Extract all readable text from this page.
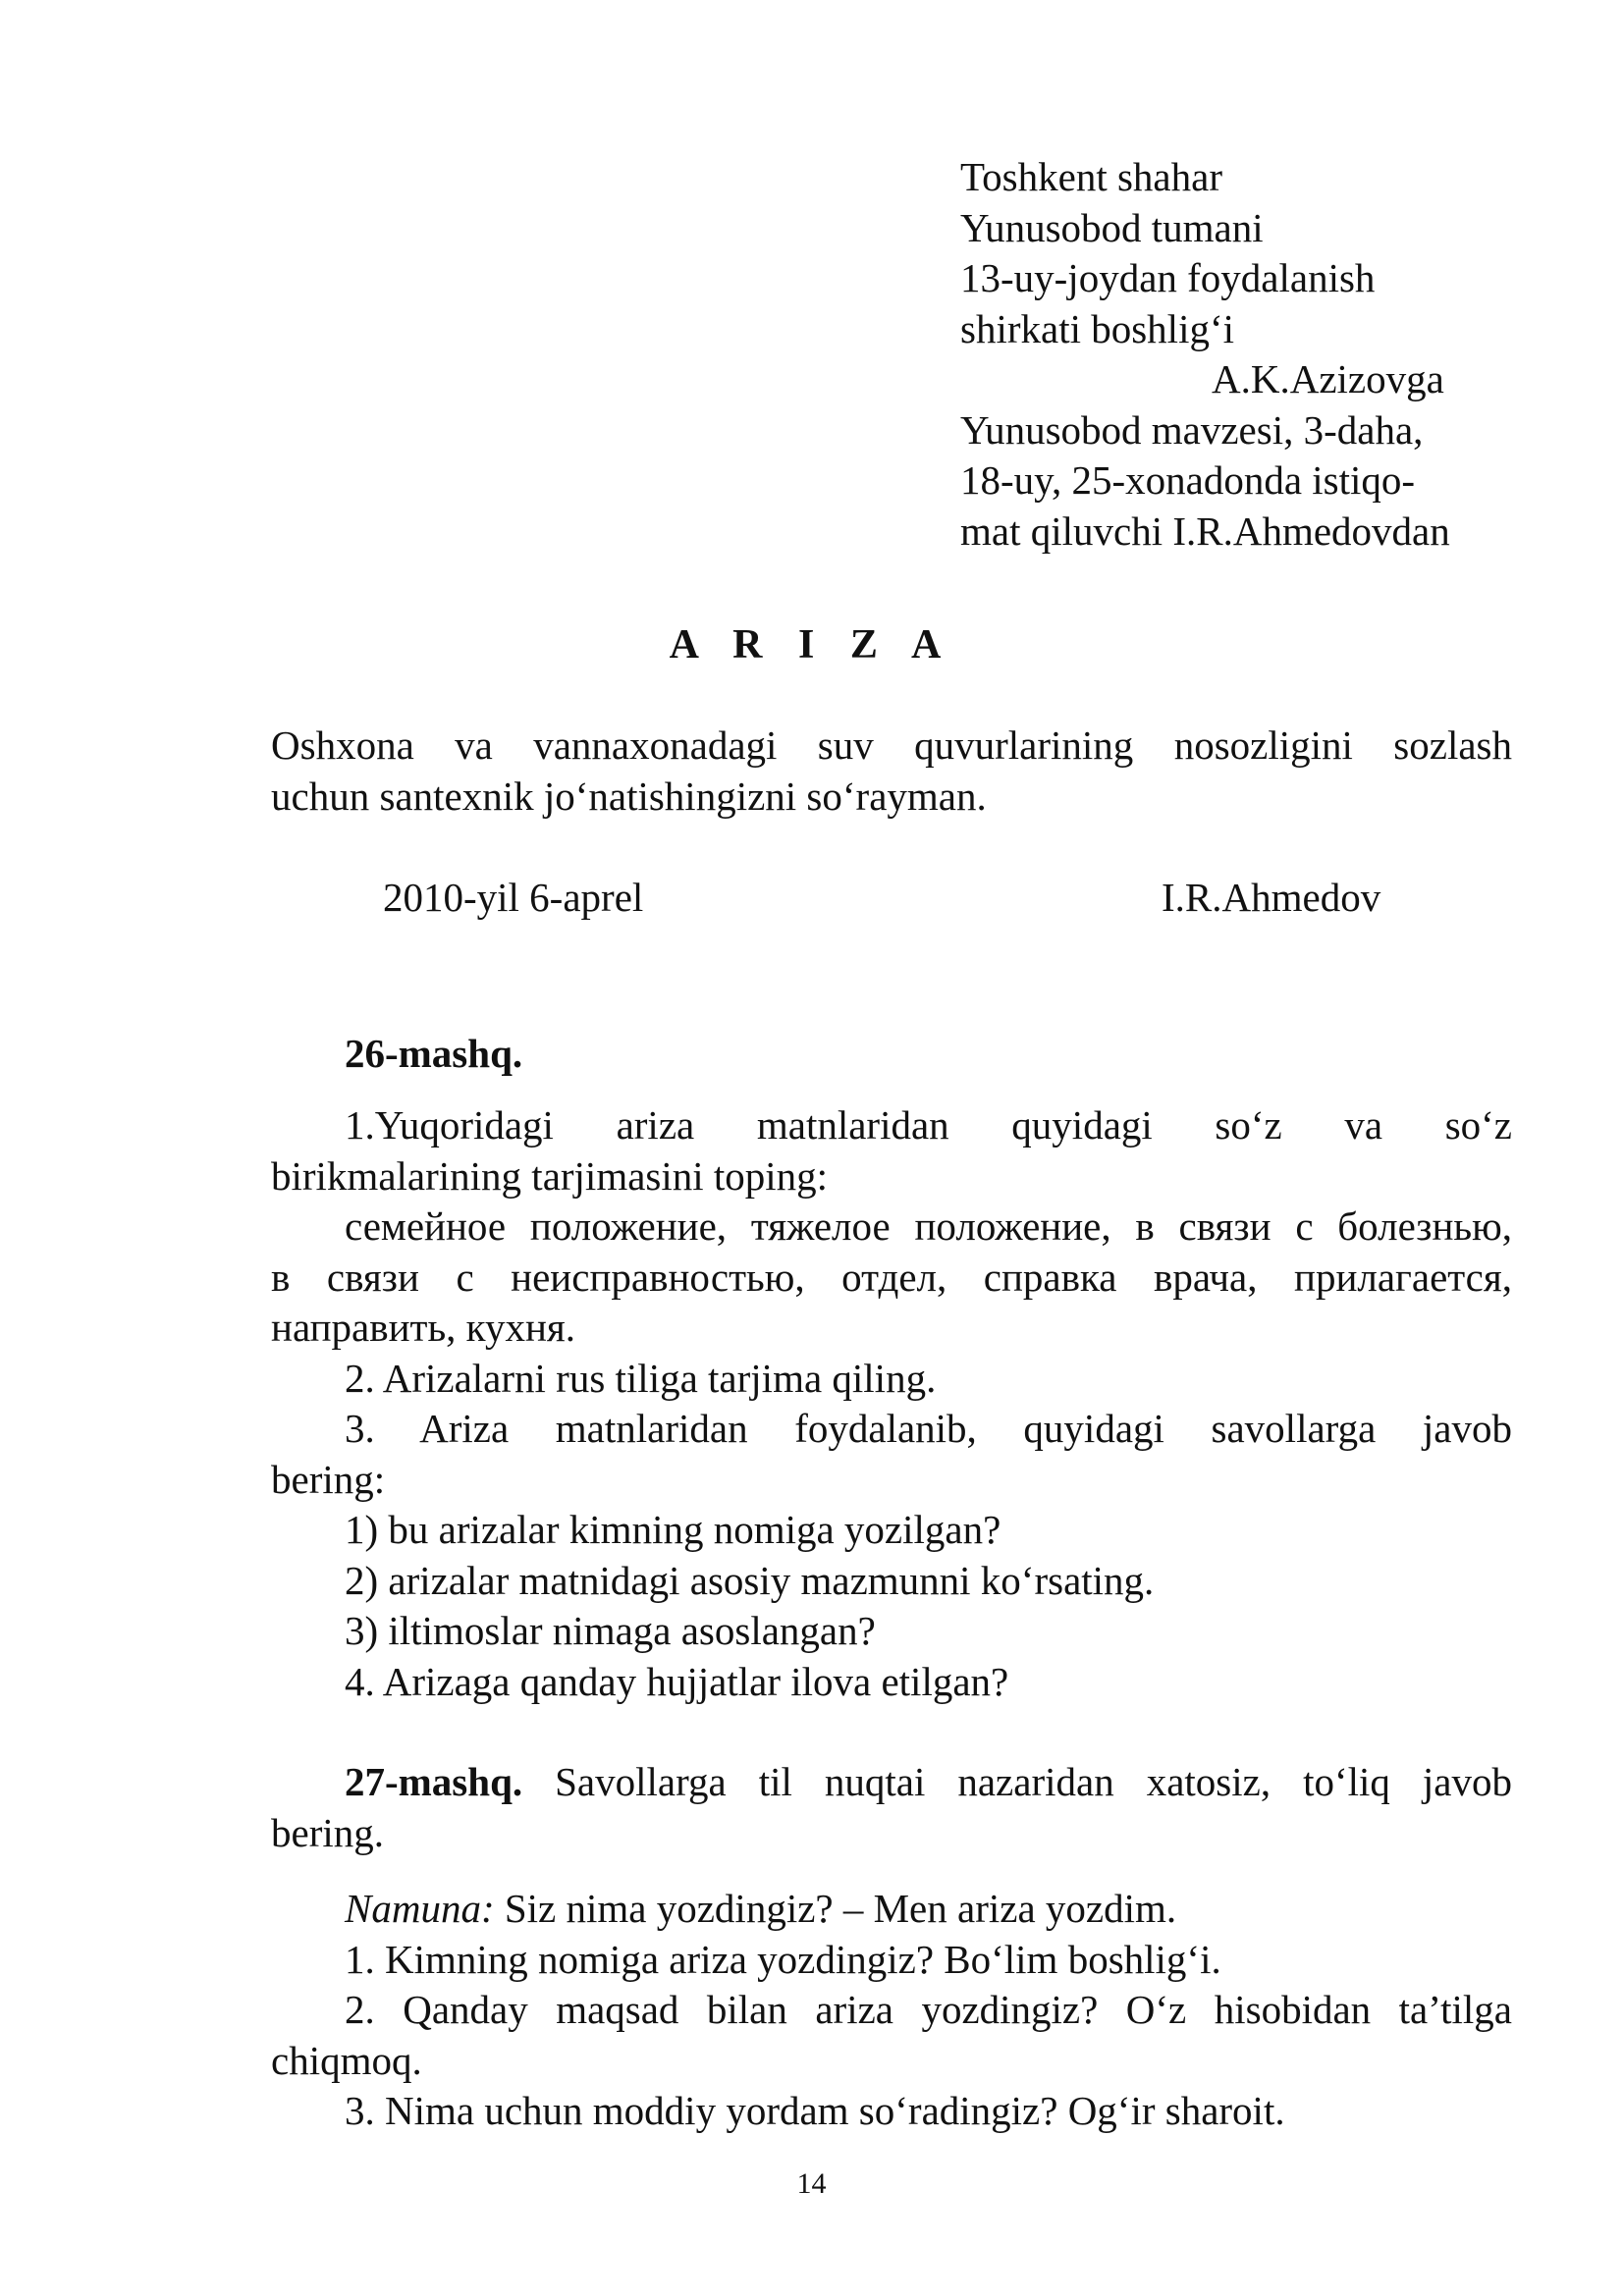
Toshkent shahar
Yunusobod tumani
13-uy-joydan foydalanish
shirkati boshlig‘i
A.K.Azizovga
Yunusobod mavzesi, 3-daha,
18-uy, 25-xonadonda istiqo-
mat qiluvchi I.R.Ahmedovdan
A R I Z A
Oshxona va vannaxonadagi suv quvurlarining nosozligini sozlash
uchun santexnik jo‘natishingizni so‘rayman.
2010-yil 6-aprel	I.R.Ahmedov
26-mashq.
1.Yuqoridagi ariza matnlaridan quyidagi so‘z va so‘z
birikmalarining tarjimasini toping:
семейное положение, тяжелое положение, в связи с болезнью,
в связи с неисправностью, отдел, справка врача, прилагается,
направить, кухня.
2. Arizalarni rus tiliga tarjima qiling.
3. Ariza matnlaridan foydalanib, quyidagi savollarga javob
bering:
1) bu arizalar kimning nomiga yozilgan?
2) arizalar matnidagi asosiy mazmunni ko‘rsating.
3) iltimoslar nimaga asoslangan?
4. Arizaga qanday hujjatlar ilova etilgan?
27-mashq. Savollarga til nuqtai nazaridan xatosiz, to‘liq javob
bering.
Namuna: Siz nima yozdingiz? – Men ariza yozdim.
1. Kimning nomiga ariza yozdingiz? Bo‘lim boshlig‘i.
2. Qanday maqsad bilan ariza yozdingiz? O‘z hisobidan ta’tilga
chiqmoq.
3. Nima uchun moddiy yordam so‘radingiz? Og‘ir sharoit.
14
